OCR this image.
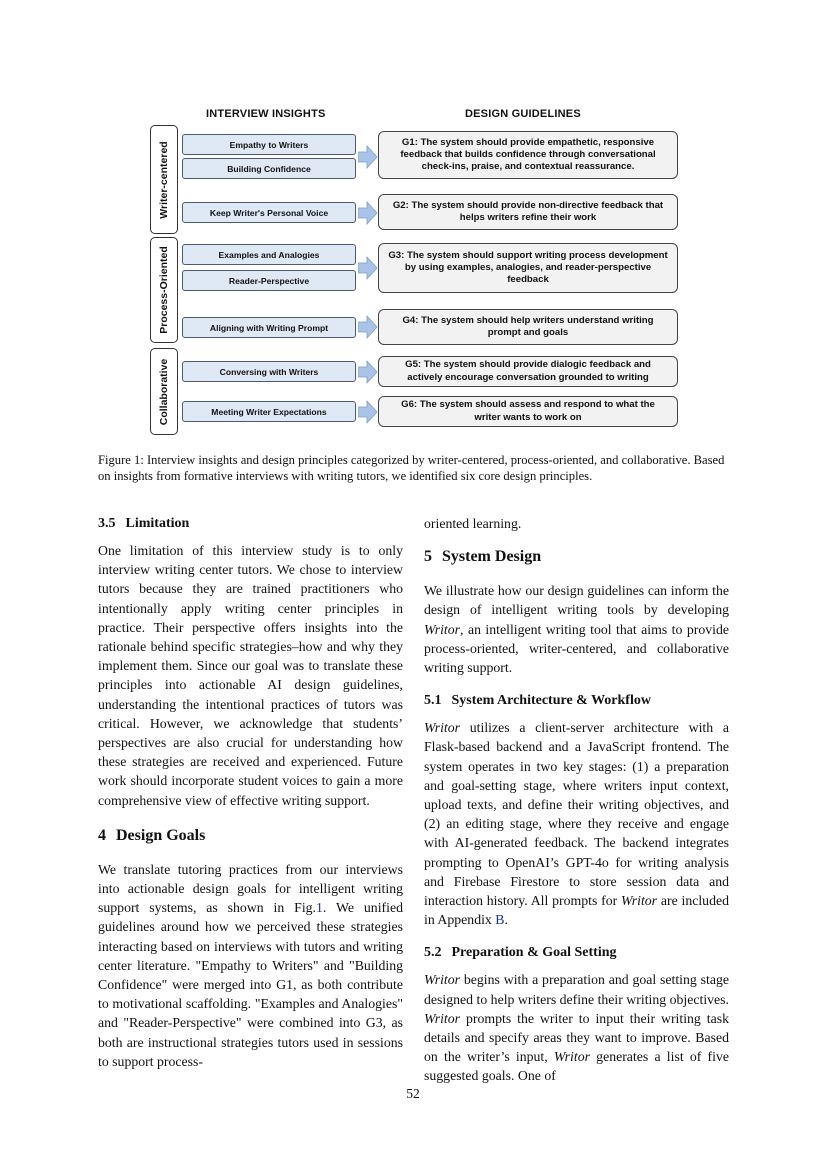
INTERVIEW INSIGHTS	DESIGN GUIDELINES
Writer-centered
Process-Oriented
Collaborative
Empathy to Writers
Building Confidence
Keep Writer's Personal Voice
Examples and Analogies
Reader-Perspective
Aligning with Writing Prompt
Conversing with Writers
Meeting Writer Expectations
G1: The system should provide empathetic, responsive feedback that builds confidence through conversational check-ins, praise, and contextual reassurance.
G2: The system should provide non-directive feedback that helps writers refine their work
G3: The system should support writing process development by using examples, analogies, and reader-perspective feedback
G4: The system should help writers understand writing prompt and goals
G5: The system should provide dialogic feedback and actively encourage conversation grounded to writing
G6: The system should assess and respond to what the writer wants to work on
Figure 1: Interview insights and design principles categorized by writer-centered, process-oriented, and collaborative. Based on insights from formative interviews with writing tutors, we identified six core design principles.
3.5 Limitation

One limitation of this interview study is to only interview writing center tutors. We chose to interview tutors because they are trained practitioners who intentionally apply writing center principles in practice. Their perspective offers insights into the rationale behind specific strategies–how and why they implement them. Since our goal was to translate these principles into actionable AI design guidelines, understanding the intentional practices of tutors was critical. However, we acknowledge that students’ perspectives are also crucial for understanding how these strategies are received and experienced. Future work should incorporate student voices to gain a more comprehensive view of effective writing support.

4 Design Goals

We translate tutoring practices from our interviews into actionable design goals for intelligent writing support systems, as shown in Fig.1. We unified guidelines around how we perceived these strategies interacting based on interviews with tutors and writing center literature. "Empathy to Writers" and "Building Confidence" were merged into G1, as both contribute to motivational scaffolding. "Examples and Analogies" and "Reader-Perspective" were combined into G3, as both are instructional strategies tutors used in sessions to support process-

oriented learning.

5 System Design

We illustrate how our design guidelines can inform the design of intelligent writing tools by developing Writor, an intelligent writing tool that aims to provide process-oriented, writer-centered, and collaborative writing support.

5.1 System Architecture & Workflow

Writor utilizes a client-server architecture with a Flask-based backend and a JavaScript frontend. The system operates in two key stages: (1) a preparation and goal-setting stage, where writers input context, upload texts, and define their writing objectives, and (2) an editing stage, where they receive and engage with AI-generated feedback. The backend integrates prompting to OpenAI’s GPT-4o for writing analysis and Firebase Firestore to store session data and interaction history. All prompts for Writor are included in Appendix B.

5.2 Preparation & Goal Setting

Writor begins with a preparation and goal setting stage designed to help writers define their writing objectives. Writor prompts the writer to input their writing task details and specify areas they want to improve. Based on the writer’s input, Writor generates a list of five suggested goals. One of

52
